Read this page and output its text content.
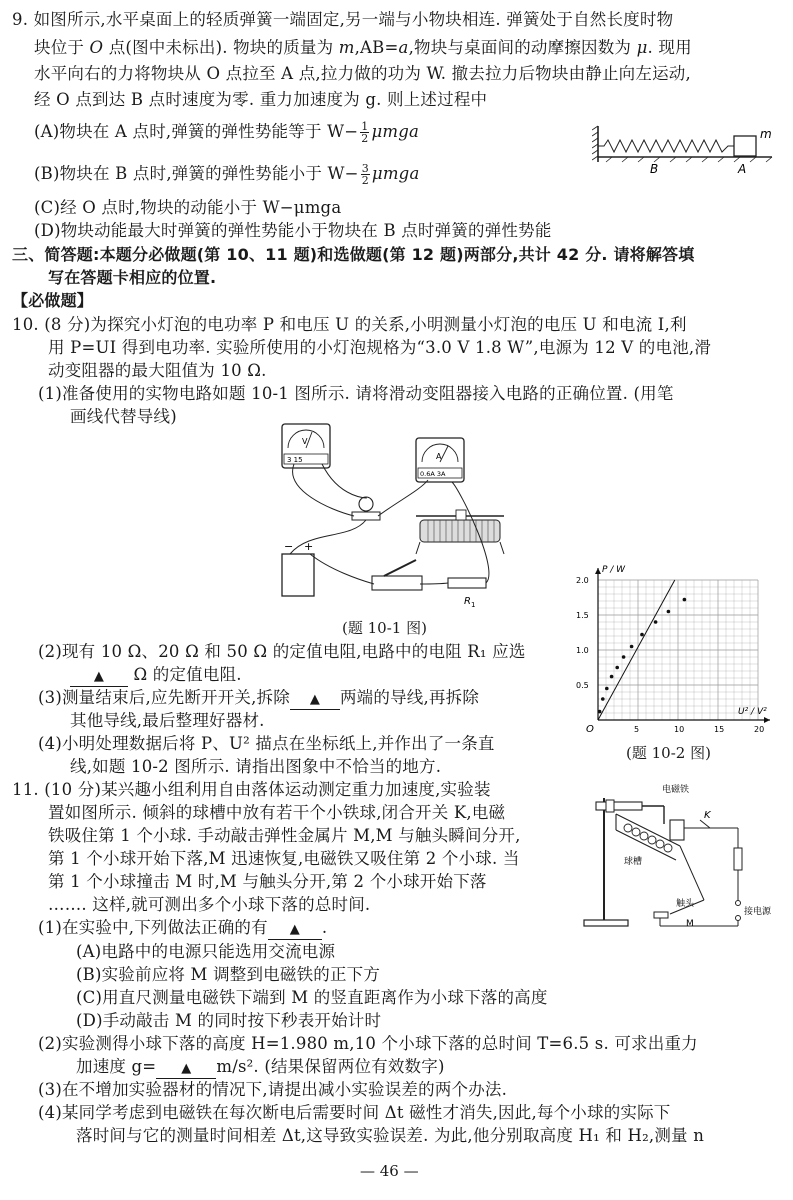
9. 如图所示,水平桌面上的轻质弹簧一端固定,另一端与小物块相连. 弹簧处于自然长度时物
块位于 O 点(图中未标出). 物块的质量为 m,AB=a,物块与桌面间的动摩擦因数为 μ. 现用
水平向右的力将物块从 O 点拉至 A 点,拉力做的功为 W. 撤去拉力后物块由静止向左运动,
经 O 点到达 B 点时速度为零. 重力加速度为 g. 则上述过程中
(A)物块在 A 点时,弹簧的弹性势能等于 $W- \frac{1}{2}$ μmga
(B)物块在 B 点时,弹簧的弹性势能小于 $W- \frac{3}{2}$ μmga
(C)经 O 点时,物块的动能小于 W−μmga
(D)物块动能最大时弹簧的弹性势能小于物块在 B 点时弹簧的弹性势能
m
B	A
三、简答题:本题分必做题(第 10、11 题)和选做题(第 12 题)两部分,共计 42 分. 请将解答填
写在答题卡相应的位置.
【必做题】
10. (8 分)为探究小灯泡的电功率 P 和电压 U 的关系,小明测量小灯泡的电压 U 和电流 I,利
用 P=UI 得到电功率. 实验所使用的小灯泡规格为“3.0 V 1.8 W”,电源为 12 V 的电池,滑
动变阻器的最大阻值为 10 Ω.
(1)准备使用的实物电路如题 10-1 图所示. 请将滑动变阻器接入电路的正确位置. (用笔
画线代替导线)
V
3 15	A
0.6A 3A
− +
R 1
(题 10-1 图)
(2)现有 10 Ω、20 Ω 和 50 Ω 的定值电阻,电路中的电阻 R₁ 应选
▲ Ω 的定值电阻.
(3)测量结束后,应先断开开关,拆除 ▲ 两端的导线,再拆除
其他导线,最后整理好器材.
(4)小明处理数据后将 P、U² 描点在坐标纸上,并作出了一条直
线,如题 10-2 图所示. 请指出图象中不恰当的地方.
5	10	15	20
0.5
1.0
1.5
2.0
P / W
U² / V²
O
(题 10-2 图)
11. (10 分)某兴趣小组利用自由落体运动测定重力加速度,实验装
置如图所示. 倾斜的球槽中放有若干个小铁球,闭合开关 K,电磁
铁吸住第 1 个小球. 手动敲击弹性金属片 M,M 与触头瞬间分开,
第 1 个小球开始下落,M 迅速恢复,电磁铁又吸住第 2 个小球. 当
第 1 个小球撞击 M 时,M 与触头分开,第 2 个小球开始下落
……. 这样,就可测出多个小球下落的总时间.
(1)在实验中,下列做法正确的有 ▲ .
(A)电路中的电源只能选用交流电源
(B)实验前应将 M 调整到电磁铁的正下方
(C)用直尺测量电磁铁下端到 M 的竖直距离作为小球下落的高度
(D)手动敲击 M 的同时按下秒表开始计时
(2)实验测得小球下落的高度 H=1.980 m,10 个小球下落的总时间 T=6.5 s. 可求出重力
加速度 g= ▲ m/s². (结果保留两位有效数字)
(3)在不增加实验器材的情况下,请提出减小实验误差的两个办法.
(4)某同学考虑到电磁铁在每次断电后需要时间 Δt 磁性才消失,因此,每个小球的实际下
落时间与它的测量时间相差 Δt,这导致实验误差. 为此,他分别取高度 H₁ 和 H₂,测量 n
电磁铁
K
球槽
触头
M
接电源
— 46 —
